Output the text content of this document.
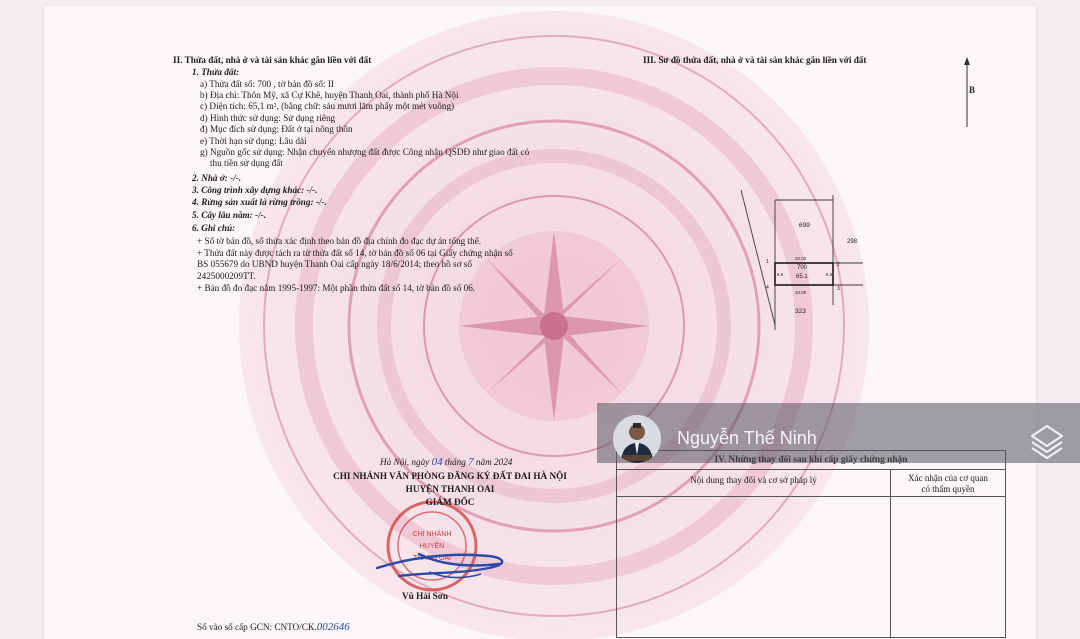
CHI NHÁNH
HUYỆN
THANH OAI
II. Thửa đất, nhà ở và tài sản khác gắn liền với đất
1. Thửa đất:
a) Thửa đất số: 700 , tờ bản đồ số: II
b) Địa chỉ: Thôn Mỹ, xã Cự Khê, huyện Thanh Oai, thành phố Hà Nội
c) Diện tích: 65,1 m², (bằng chữ: sáu mươi lăm phẩy một mét vuông)
d) Hình thức sử dụng: Sử dụng riêng
đ) Mục đích sử dụng: Đất ở tại nông thôn
e) Thời hạn sử dụng: Lâu dài
g) Nguồn gốc sử dụng: Nhận chuyển nhượng đất được Công nhận QSDĐ như giao đất có
thu tiền sử dụng đất
2. Nhà ở: -/-.
3. Công trình xây dựng khác: -/-.
4. Rừng sản xuất là rừng trồng: -/-.
5. Cây lâu năm: -/-.
6. Ghi chú:
+ Số tờ bản đồ, số thửa xác định theo bản đồ địa chính đo đạc dự án tổng thể.
+ Thửa đất này được tách ra từ thửa đất số 14, tờ bản đồ số 06 tại Giấy chứng nhận số
BS 055679 do UBND huyện Thanh Oai cấp ngày 18/6/2014; theo hồ sơ số
2425000209TT.
+ Bản đồ đo đạc năm 1995-1997: Một phần thửa đất số 14, tờ bản đồ số 06.
Hà Nội, ngày 04 tháng 7 năm 2024
CHI NHÁNH VĂN PHÒNG ĐĂNG KÝ ĐẤT ĐAI HÀ NỘI
HUYỆN THANH OAI
GIÁM ĐỐC
Vũ Hải Sơn
Số vào sổ cấp GCN: CNTO/CK.002646
III. Sơ đồ thửa đất, nhà ở và tài sản khác gắn liền với đất
B
699
298
700
65.1
323
10.02
10.00
1	2
3
4
6.5	6.5
Nội dung thay đổi và cơ sở pháp lý	Xác nhận của cơ quan
có thẩm quyền
Nguyễn Thế Ninh
